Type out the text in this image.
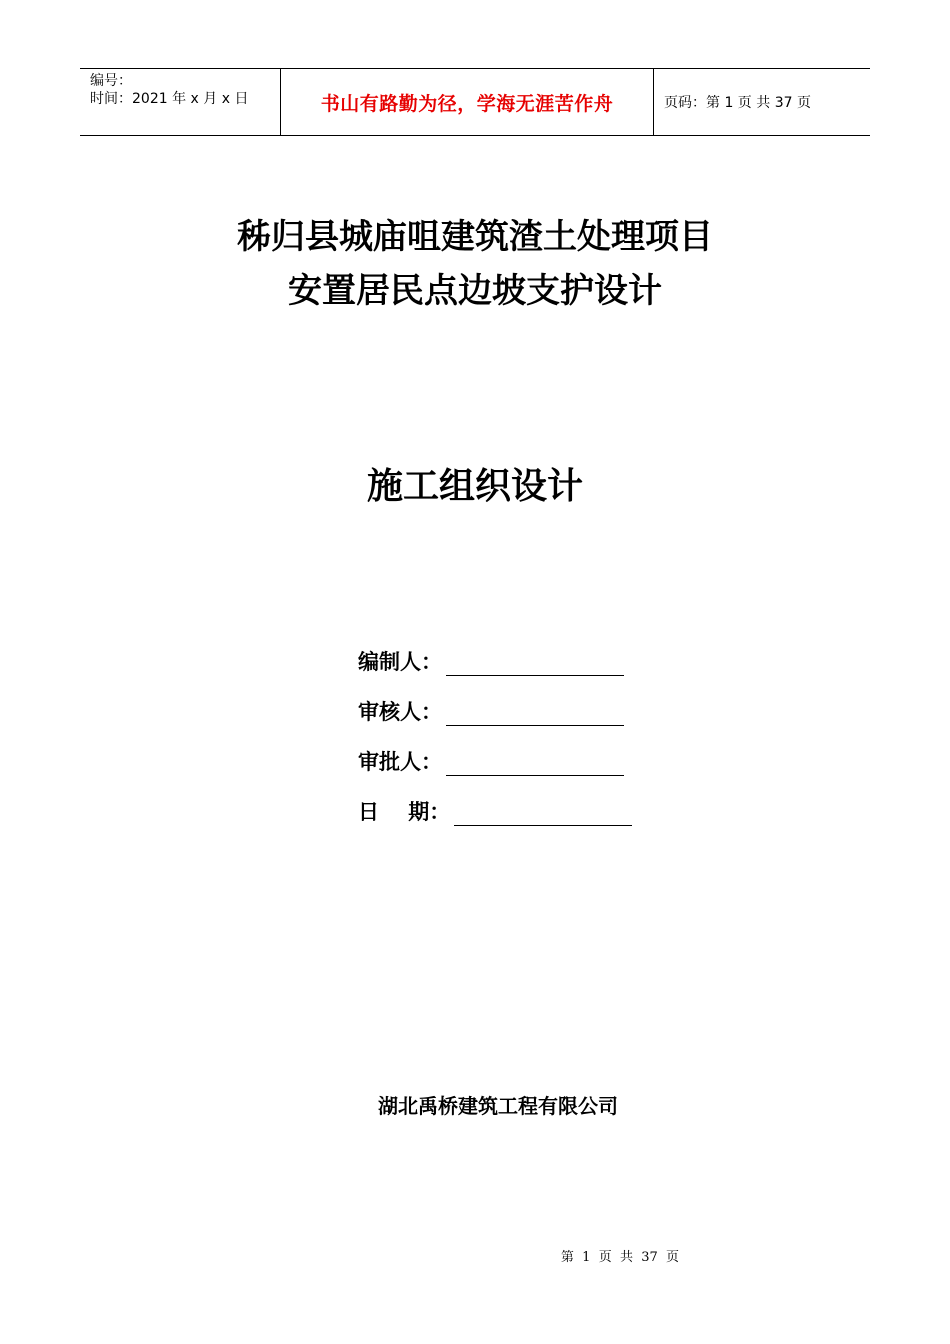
编号：
时间：2021 年 x 月 x 日	书山有路勤为径，学海无涯苦作舟	页码：第 1 页 共 37 页
秭归县城庙咀建筑渣土处理项目
安置居民点边坡支护设计
施工组织设计
编制人：
审核人：
审批人：
日    期：
湖北禹桥建筑工程有限公司
第  1  页  共  37  页
